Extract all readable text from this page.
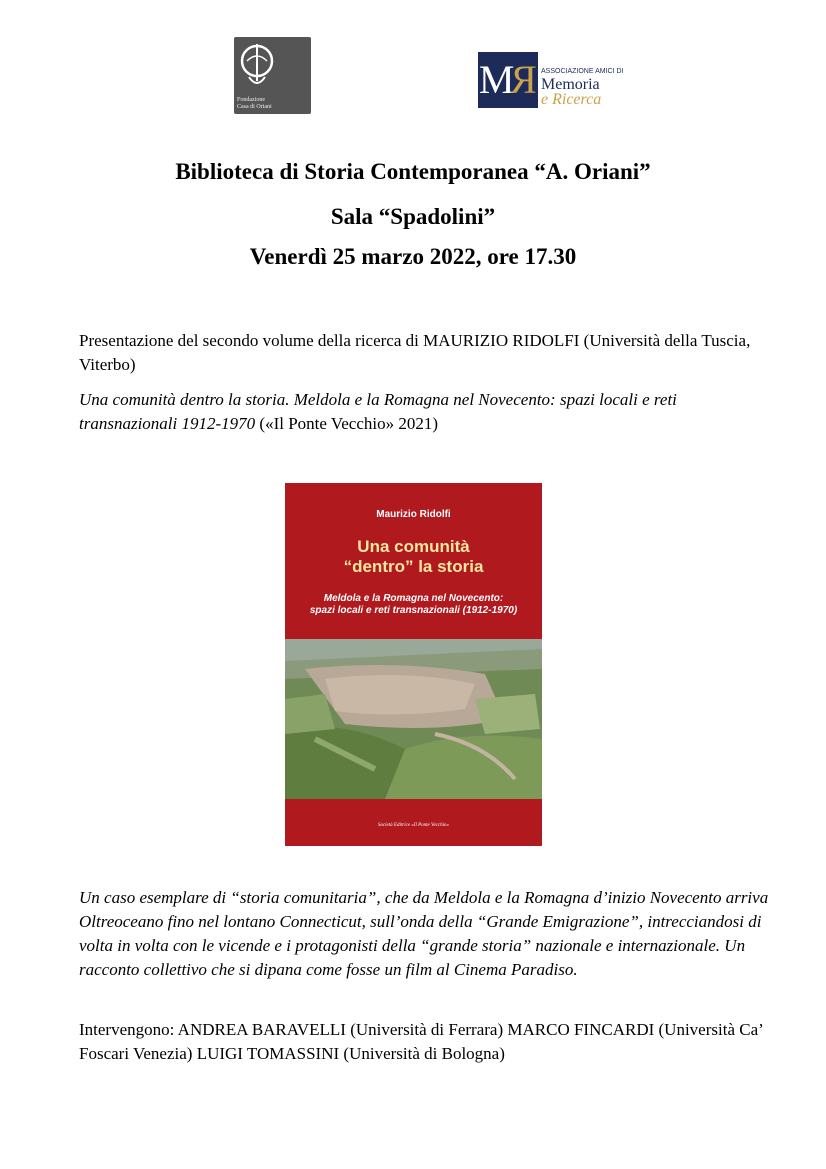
Fondazione
Casa di Oriani
MR ASSOCIAZIONE AMICI DI
Memoria
e Ricerca
Biblioteca di Storia Contemporanea “A. Oriani”
Sala “Spadolini”
Venerdì 25 marzo 2022, ore 17.30
Presentazione del secondo volume della ricerca di MAURIZIO RIDOLFI (Università della Tuscia, Viterbo)
Una comunità dentro la storia. Meldola e la Romagna nel Novecento: spazi locali e reti transnazionali 1912-1970 («Il Ponte Vecchio» 2021)
Maurizio Ridolfi
Una comunità
“dentro” la storia
Meldola e la Romagna nel Novecento:
spazi locali e reti transnazionali (1912-1970)
Società Editrice «Il Ponte Vecchio»
Un caso esemplare di “storia comunitaria”, che da Meldola e la Romagna d’inizio Novecento arriva Oltreoceano fino nel lontano Connecticut, sull’onda della “Grande Emigrazione”, intrecciandosi di volta in volta con le vicende e i protagonisti della “grande storia” nazionale e internazionale. Un racconto collettivo che si dipana come fosse un film al Cinema Paradiso.
Intervengono: ANDREA BARAVELLI (Università di Ferrara) MARCO FINCARDI (Università Ca’ Foscari Venezia) LUIGI TOMASSINI (Università di Bologna)
